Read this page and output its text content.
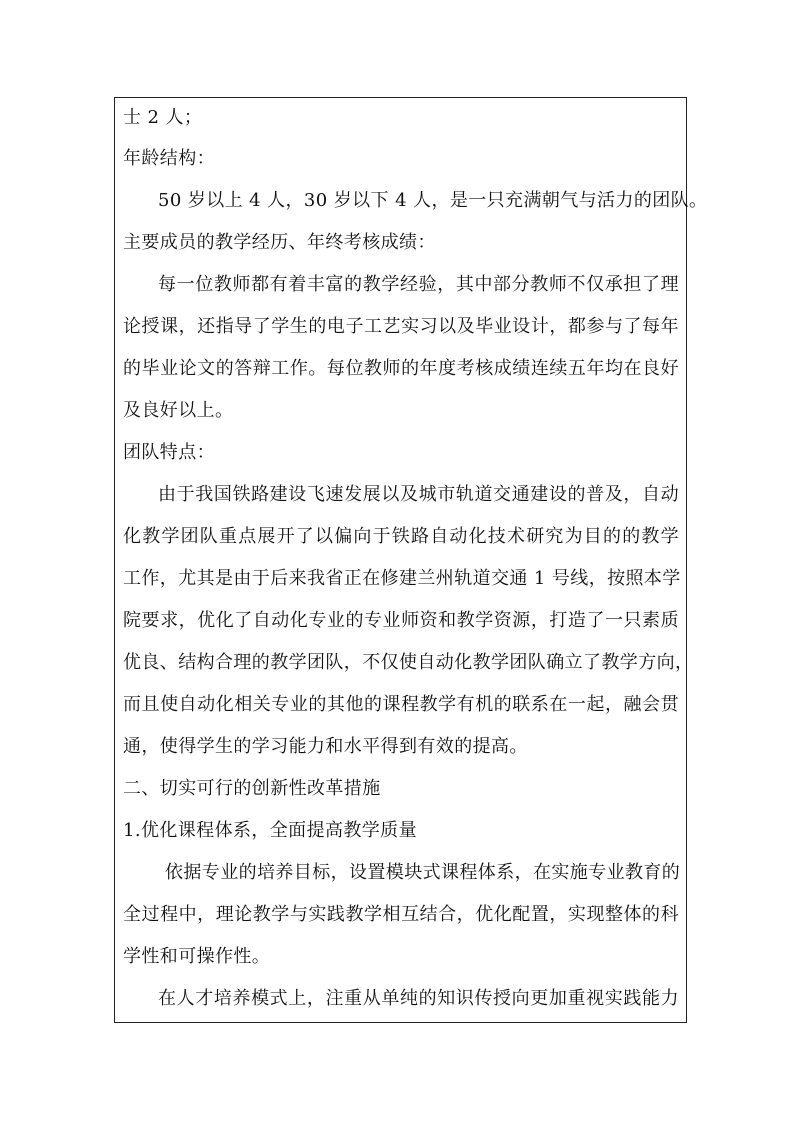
士 2 人；
年龄结构：
50 岁以上 4 人，30 岁以下 4 人，是一只充满朝气与活力的团队。
主要成员的教学经历、年终考核成绩：
每一位教师都有着丰富的教学经验，其中部分教师不仅承担了理
论授课，还指导了学生的电子工艺实习以及毕业设计，都参与了每年
的毕业论文的答辩工作。每位教师的年度考核成绩连续五年均在良好
及良好以上。
团队特点：
由于我国铁路建设飞速发展以及城市轨道交通建设的普及，自动
化教学团队重点展开了以偏向于铁路自动化技术研究为目的的教学
工作，尤其是由于后来我省正在修建兰州轨道交通 1 号线，按照本学
院要求，优化了自动化专业的专业师资和教学资源，打造了一只素质
优良、结构合理的教学团队，不仅使自动化教学团队确立了教学方向，
而且使自动化相关专业的其他的课程教学有机的联系在一起，融会贯
通，使得学生的学习能力和水平得到有效的提高。
二、切实可行的创新性改革措施
1.优化课程体系，全面提高教学质量
依据专业的培养目标，设置模块式课程体系，在实施专业教育的
全过程中，理论教学与实践教学相互结合，优化配置，实现整体的科
学性和可操作性。
在人才培养模式上，注重从单纯的知识传授向更加重视实践能力
